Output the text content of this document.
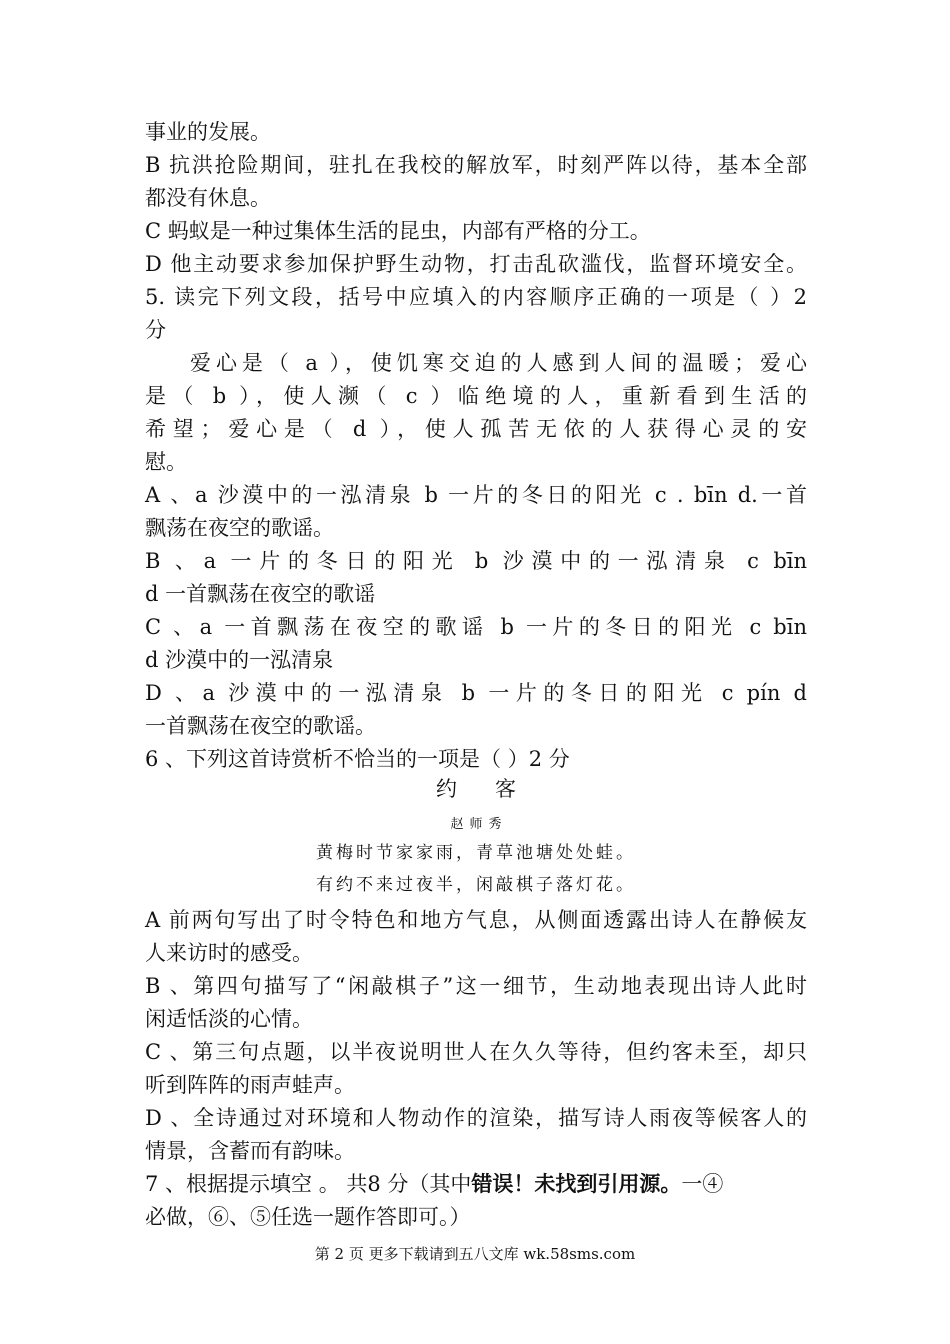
事业的发展。
B 抗洪抢险期间，驻扎在我校的解放军，时刻严阵以待，基本全部
都没有休息。
C 蚂蚁是一种过集体生活的昆虫，内部有严格的分工。
D 他主动要求参加保护野生动物，打击乱砍滥伐，监督环境安全。
5. 读完下列文段，括号中应填入的内容顺序正确的一项是（ ）2
分
爱心是（ a ），使饥寒交迫的人感到人间的温暖；爱心
是（ b ），使人濒（ c ）临绝境的人，重新看到生活的
希望；爱心是（ d ），使人孤苦无依的人获得心灵的安
慰。
A 、a 沙漠中的一泓清泉 b 一片的冬日的阳光 c . bīn d.一首
飘荡在夜空的歌谣。
B 、a 一片的冬日的阳光 b 沙漠中的一泓清泉 c bīn
d 一首飘荡在夜空的歌谣
C 、a 一首飘荡在夜空的歌谣 b 一片的冬日的阳光 c bīn
d 沙漠中的一泓清泉
D 、a 沙漠中的一泓清泉 b 一片的冬日的阳光 c pín d
一首飘荡在夜空的歌谣。
6 、下列这首诗赏析不恰当的一项是（ ）2 分
约客
赵师秀
黄梅时节家家雨，青草池塘处处蛙。
有约不来过夜半，闲敲棋子落灯花。
A 前两句写出了时令特色和地方气息，从侧面透露出诗人在静候友
人来访时的感受。
B 、第四句描写了“闲敲棋子”这一细节，生动地表现出诗人此时
闲适恬淡的心情。
C 、第三句点题，以半夜说明世人在久久等待，但约客未至，却只
听到阵阵的雨声蛙声。
D 、全诗通过对环境和人物动作的渲染，描写诗人雨夜等候客人的
情景，含蓄而有韵味。
7 、根据提示填空 。 共8 分（其中错误！未找到引用源。一④
必做，⑥、⑤任选一题作答即可。）
第 2 页 更多下载请到五八文库 wk.58sms.com
